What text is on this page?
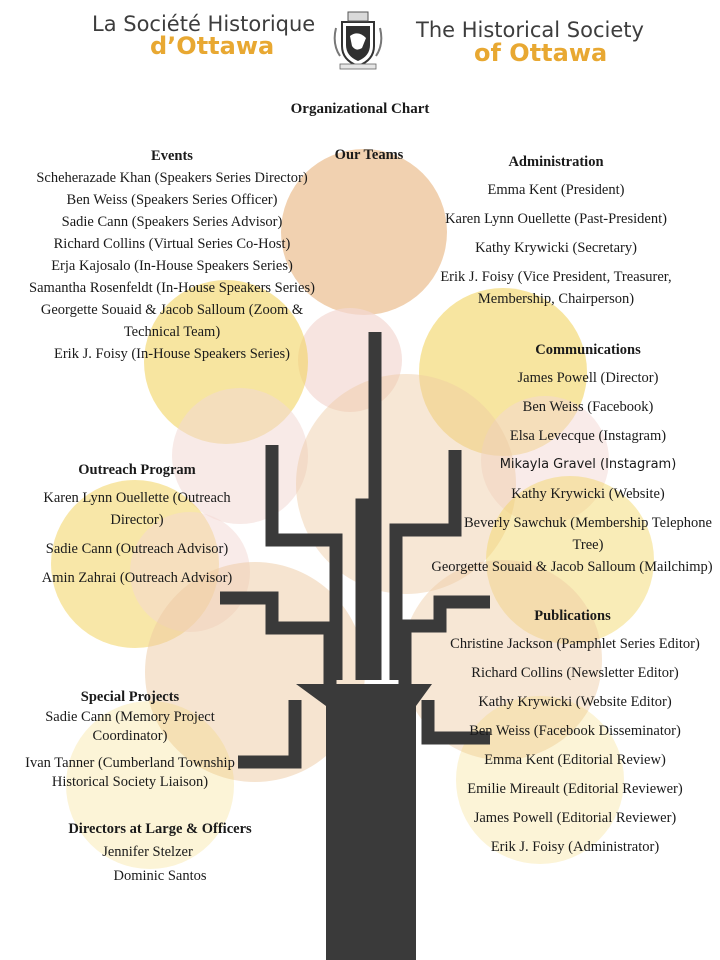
La Société Historique
d’Ottawa
The Historical Society
of Ottawa
Organizational Chart
Our Teams
Events
Scheherazade Khan (Speakers Series Director)
Ben Weiss (Speakers Series Officer)
Sadie Cann (Speakers Series Advisor)
Richard Collins (Virtual Series Co-Host)
Erja Kajosalo (In-House Speakers Series)
Samantha Rosenfeldt (In-House Speakers Series)
Georgette Souaid & Jacob Salloum (Zoom & Technical Team)
Erik J. Foisy (In-House Speakers Series)
Administration
Emma Kent (President)
Karen Lynn Ouellette (Past-President)
Kathy Krywicki (Secretary)
Erik J. Foisy (Vice President, Treasurer, Membership, Chairperson)
Communications
James Powell (Director)
Ben Weiss (Facebook)
Elsa Levecque (Instagram)
Mikayla Gravel (Instagram)
Kathy Krywicki (Website)
Beverly Sawchuk (Membership Telephone Tree)
Georgette Souaid & Jacob Salloum (Mailchimp)
Outreach Program
Karen Lynn Ouellette (Outreach Director)
Sadie Cann (Outreach Advisor)
Amin Zahrai (Outreach Advisor)
Publications
Christine Jackson (Pamphlet Series Editor)
Richard Collins (Newsletter Editor)
Kathy Krywicki (Website Editor)
Ben Weiss (Facebook Disseminator)
Emma Kent (Editorial Review)
Emilie Mireault (Editorial Reviewer)
James Powell (Editorial Reviewer)
Erik J. Foisy (Administrator)
Special Projects
Sadie Cann (Memory Project Coordinator)
Ivan Tanner (Cumberland Township Historical Society Liaison)
Directors at Large & Officers
Jennifer Stelzer
Dominic Santos
